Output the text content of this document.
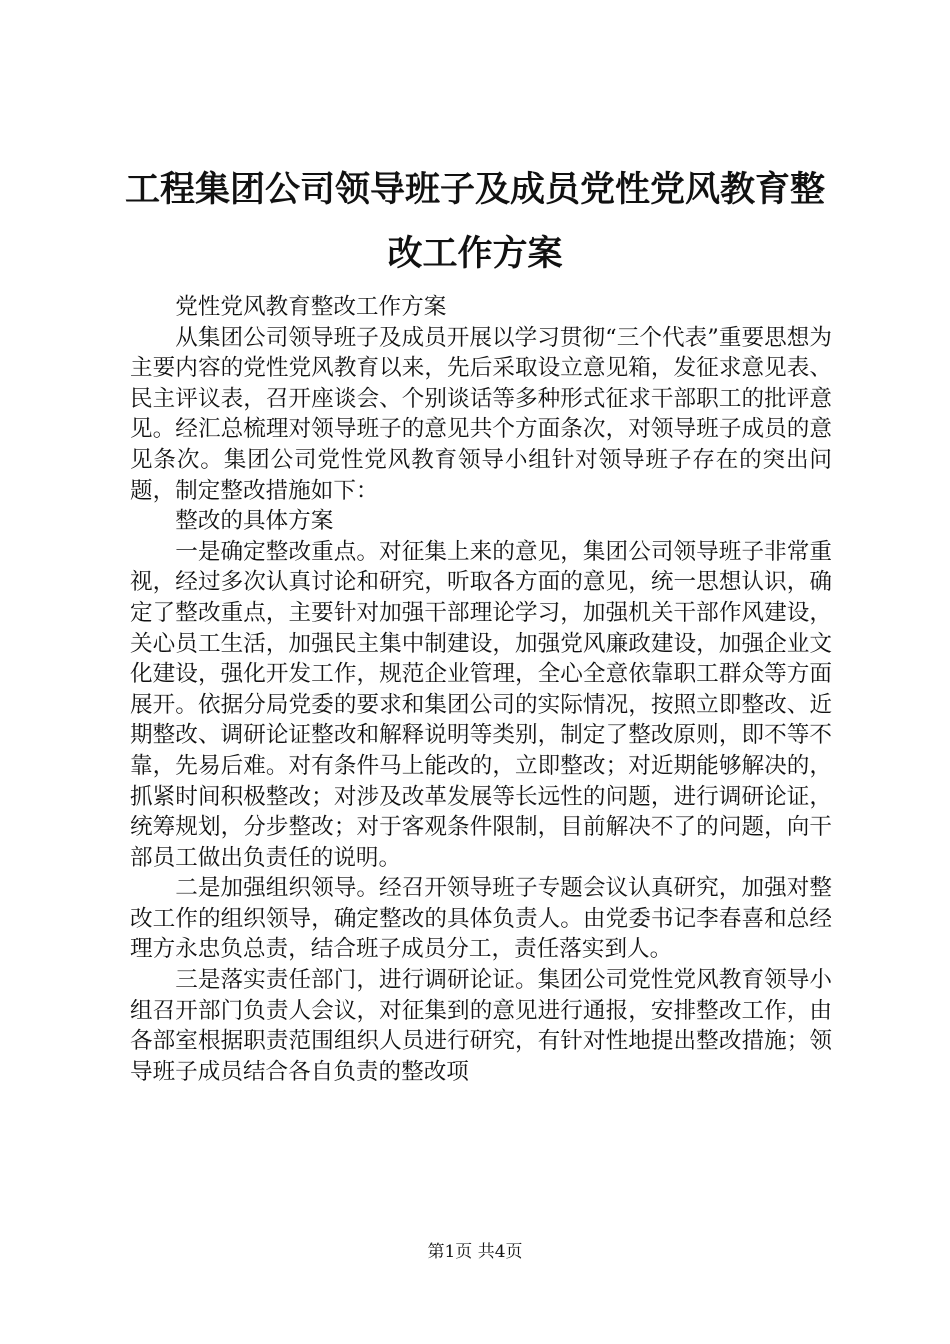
工程集团公司领导班子及成员党性党风教育整改工作方案

党性党风教育整改工作方案

从集团公司领导班子及成员开展以学习贯彻“三个代表”重要思想为主要内容的党性党风教育以来，先后采取设立意见箱，发征求意见表、民主评议表，召开座谈会、个别谈话等多种形式征求干部职工的批评意见。经汇总梳理对领导班子的意见共个方面条次，对领导班子成员的意见条次。集团公司党性党风教育领导小组针对领导班子存在的突出问题，制定整改措施如下：

整改的具体方案

一是确定整改重点。对征集上来的意见，集团公司领导班子非常重视，经过多次认真讨论和研究，听取各方面的意见，统一思想认识，确定了整改重点，主要针对加强干部理论学习，加强机关干部作风建设，关心员工生活，加强民主集中制建设，加强党风廉政建设，加强企业文化建设，强化开发工作，规范企业管理，全心全意依靠职工群众等方面展开。依据分局党委的要求和集团公司的实际情况，按照立即整改、近期整改、调研论证整改和解释说明等类别，制定了整改原则，即不等不靠，先易后难。对有条件马上能改的，立即整改；对近期能够解决的，抓紧时间积极整改；对涉及改革发展等长远性的问题，进行调研论证，统筹规划，分步整改；对于客观条件限制，目前解决不了的问题，向干部员工做出负责任的说明。

二是加强组织领导。经召开领导班子专题会议认真研究，加强对整改工作的组织领导，确定整改的具体负责人。由党委书记李春喜和总经理方永忠负总责，结合班子成员分工，责任落实到人。

三是落实责任部门，进行调研论证。集团公司党性党风教育领导小组召开部门负责人会议，对征集到的意见进行通报，安排整改工作，由各部室根据职责范围组织人员进行研究，有针对性地提出整改措施；领导班子成员结合各自负责的整改项

第1页 共4页
